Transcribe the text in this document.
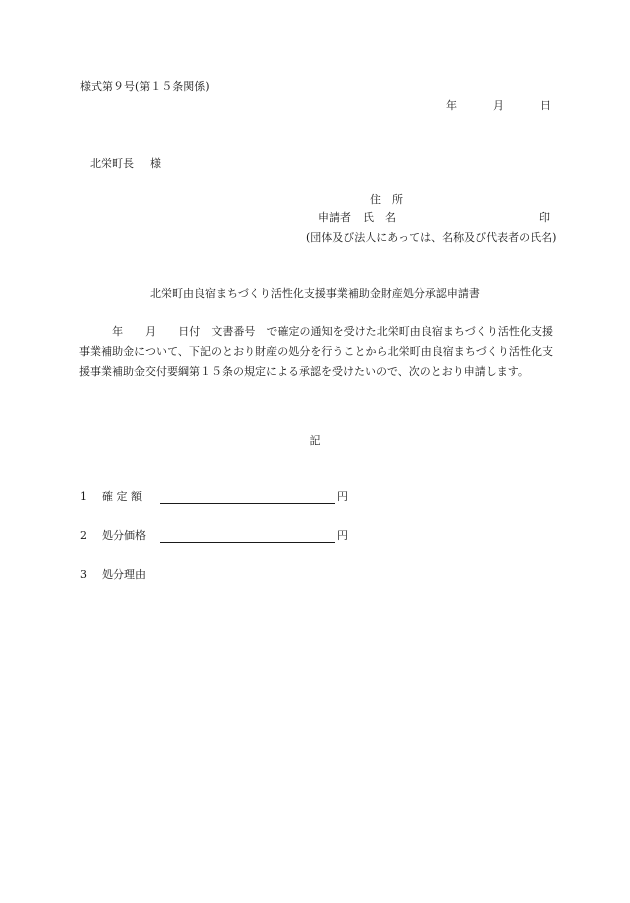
様式第９号(第１５条関係)
年	月	日
北栄町長 様
住　所
申請者 氏　名	印
(団体及び法人にあっては、名称及び代表者の氏名)
北栄町由良宿まちづくり活性化支援事業補助金財産処分承認申請書
　　　年　　月　　日付　文書番号　で確定の通知を受けた北栄町由良宿まちづくり活性化支援事業補助金について、下記のとおり財産の処分を行うことから北栄町由良宿まちづくり活性化支援事業補助金交付要綱第１５条の規定による承認を受けたいので、次のとおり申請します。
記
1 確 定 額	円
2 処分価格	円
3 処分理由
